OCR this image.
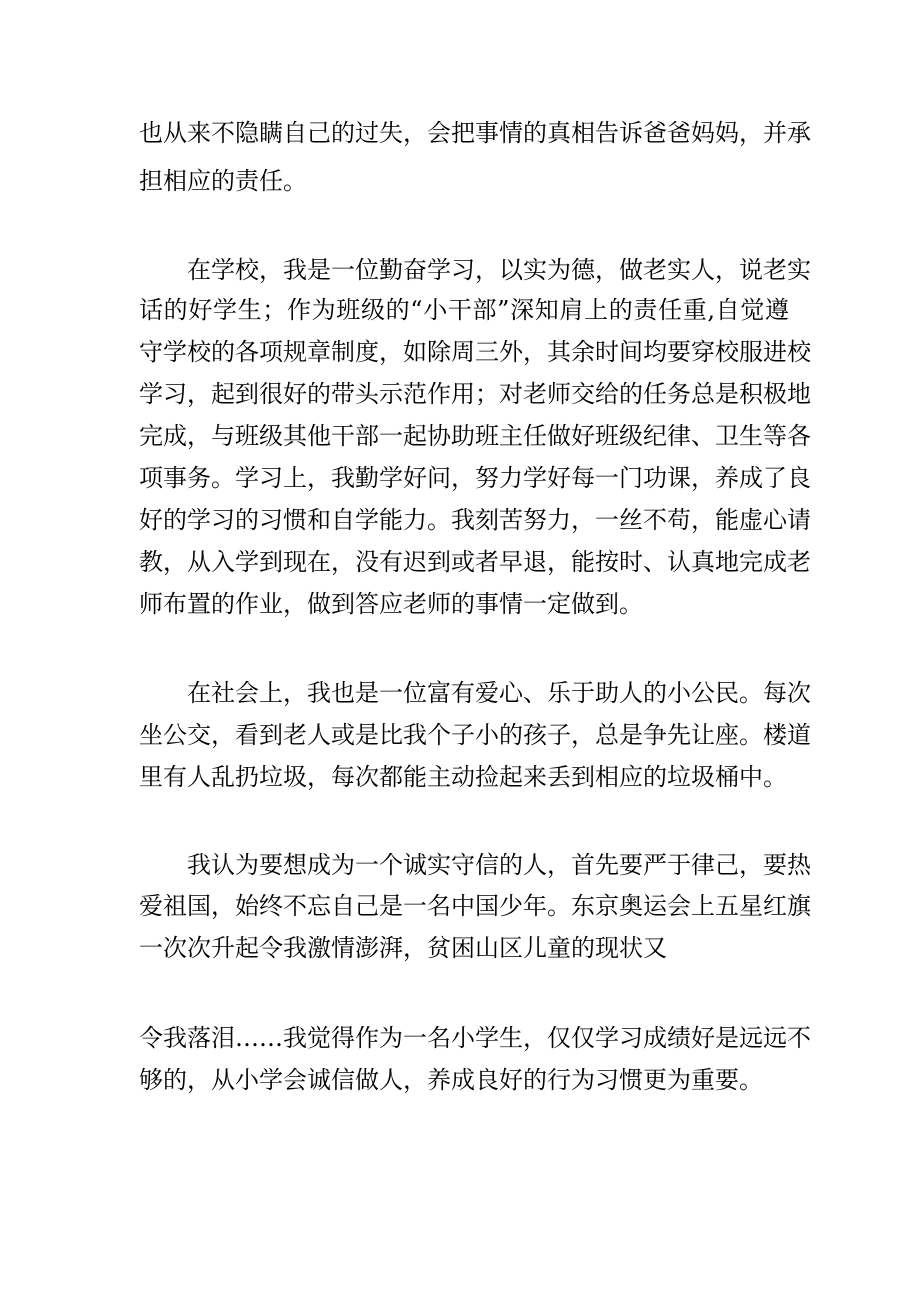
也从来不隐瞒自己的过失，会把事情的真相告诉爸爸妈妈，并承
担相应的责任。
在学校，我是一位勤奋学习，以实为德，做老实人，说老实
话的好学生；作为班级的“小干部”深知肩上的责任重,自觉遵
守学校的各项规章制度，如除周三外，其余时间均要穿校服进校
学习，起到很好的带头示范作用；对老师交给的任务总是积极地
完成，与班级其他干部一起协助班主任做好班级纪律、卫生等各
项事务。学习上，我勤学好问，努力学好每一门功课，养成了良
好的学习的习惯和自学能力。我刻苦努力，一丝不苟，能虚心请
教，从入学到现在，没有迟到或者早退，能按时、认真地完成老
师布置的作业，做到答应老师的事情一定做到。
在社会上，我也是一位富有爱心、乐于助人的小公民。每次
坐公交，看到老人或是比我个子小的孩子，总是争先让座。楼道
里有人乱扔垃圾，每次都能主动捡起来丢到相应的垃圾桶中。
我认为要想成为一个诚实守信的人，首先要严于律己，要热
爱祖国，始终不忘自己是一名中国少年。东京奥运会上五星红旗
一次次升起令我激情澎湃，贫困山区儿童的现状又
令我落泪……我觉得作为一名小学生，仅仅学习成绩好是远远不
够的，从小学会诚信做人，养成良好的行为习惯更为重要。
